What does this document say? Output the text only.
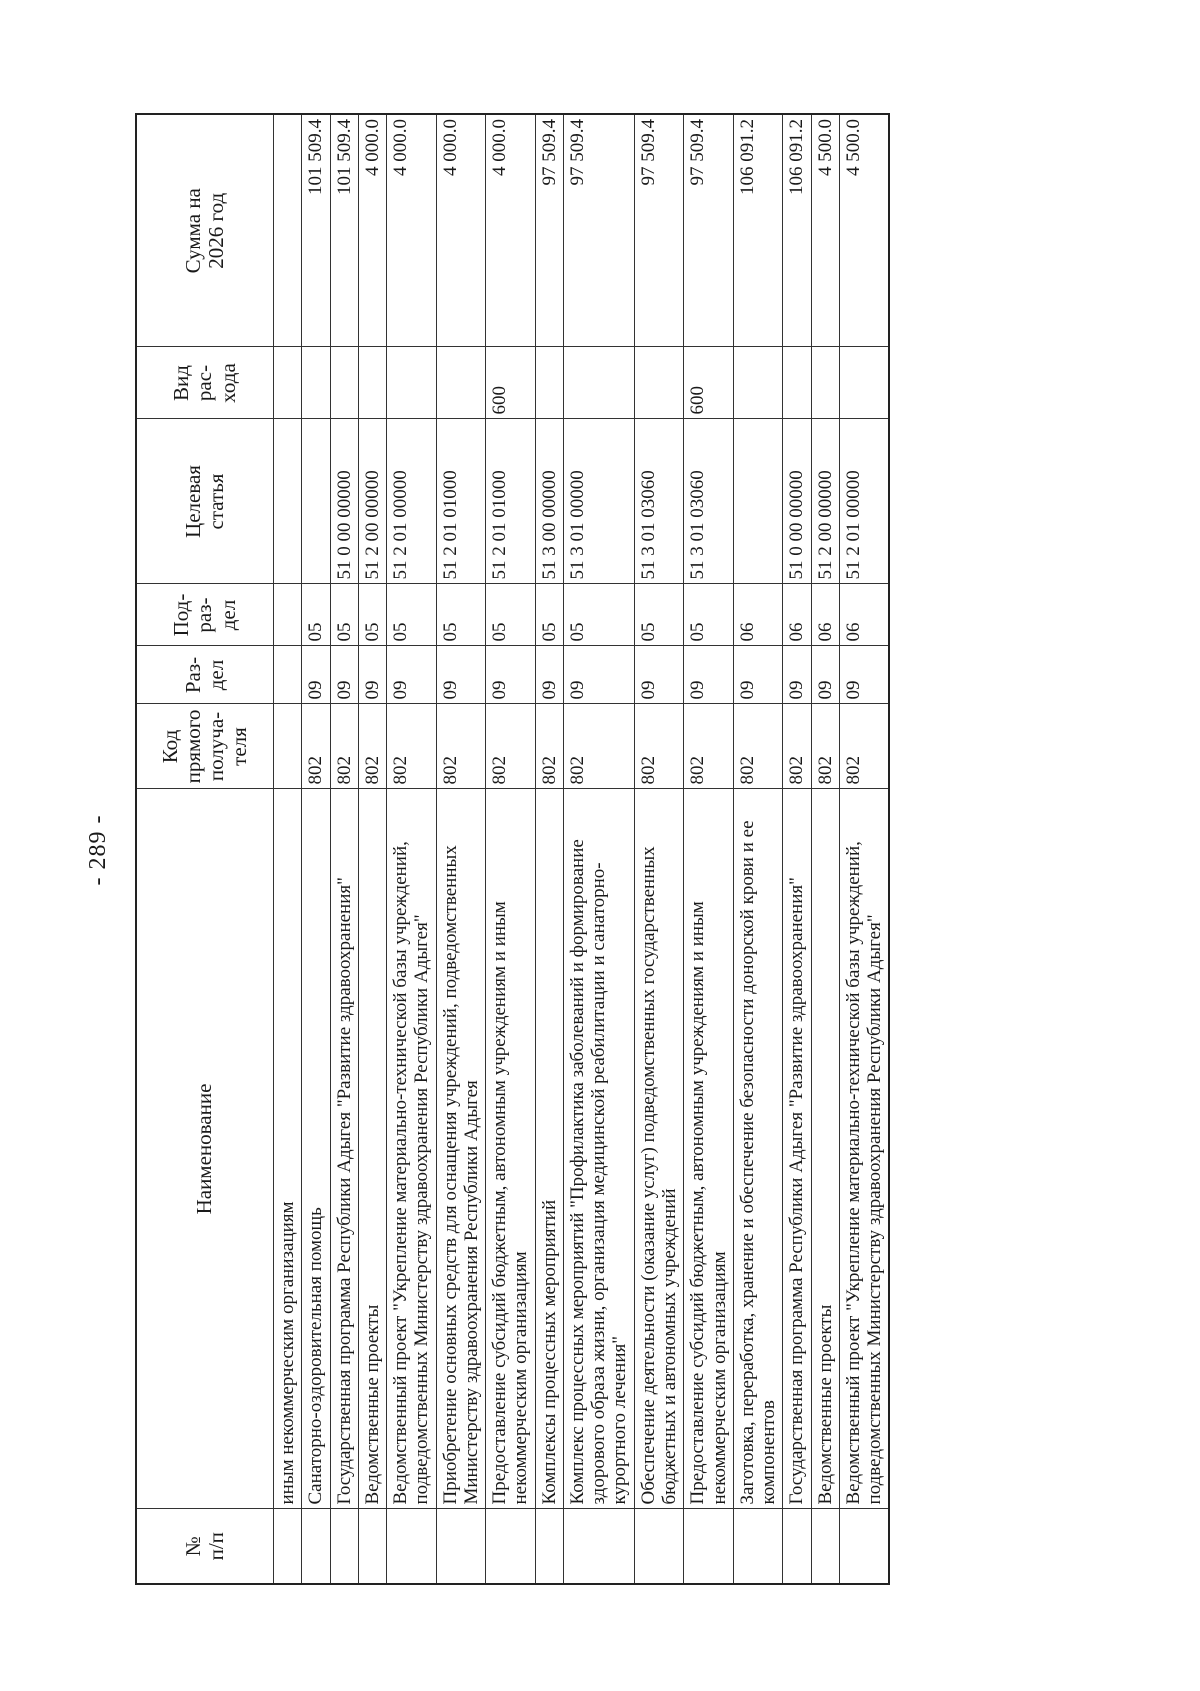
- 289 -
№
п/п	Наименование	Код
прямого
получа-
теля	Раз-
дел	Под-
раз-
дел	Целевая
статья	Вид
рас-
хода	Сумма на
2026 год
	иным некоммерческим организациям						
	Санаторно-оздоровительная помощь	802	09	05			101 509.4
	Государственная программа Республики Адыгея "Развитие здравоохранения"	802	09	05	51 0 00 00000		101 509.4
	Ведомственные проекты	802	09	05	51 2 00 00000		4 000.0
	Ведомственный проект "Укрепление материально-технической базы учреждений, подведомственных Министерству здравоохранения Республики Адыгея"	802	09	05	51 2 01 00000		4 000.0
	Приобретение основных средств для оснащения учреждений, подведомственных Министерству здравоохранения Республики Адыгея	802	09	05	51 2 01 01000		4 000.0
	Предоставление субсидий бюджетным, автономным учреждениям и иным некоммерческим организациям	802	09	05	51 2 01 01000	600	4 000.0
	Комплексы процессных мероприятий	802	09	05	51 3 00 00000		97 509.4
	Комплекс процессных мероприятий "Профилактика заболеваний и формирование здорового образа жизни, организация медицинской реабилитации и санаторно-курортного лечения"	802	09	05	51 3 01 00000		97 509.4
	Обеспечение деятельности (оказание услуг) подведомственных государственных бюджетных и автономных учреждений	802	09	05	51 3 01 03060		97 509.4
	Предоставление субсидий бюджетным, автономным учреждениям и иным некоммерческим организациям	802	09	05	51 3 01 03060	600	97 509.4
	Заготовка, переработка, хранение и обеспечение безопасности донорской крови и ее компонентов	802	09	06			106 091.2
	Государственная программа Республики Адыгея "Развитие здравоохранения"	802	09	06	51 0 00 00000		106 091.2
	Ведомственные проекты	802	09	06	51 2 00 00000		4 500.0
	Ведомственный проект "Укрепление материально-технической базы учреждений, подведомственных Министерству здравоохранения Республики Адыгея"	802	09	06	51 2 01 00000		4 500.0
